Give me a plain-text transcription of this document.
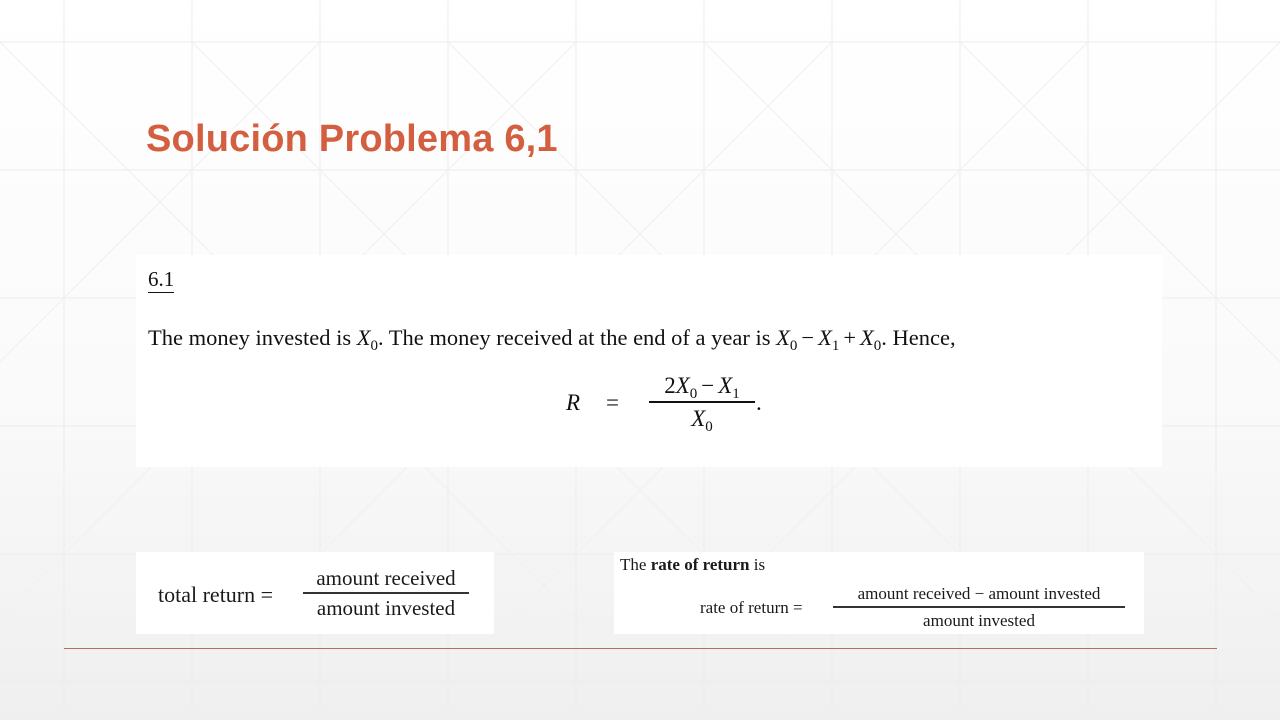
Solución Problema 6,1
6.1
The money invested is $X_0$. The money received at the end of a year is $X_0 - X_1 + X_0$. Hence,
R =
$2X_0 - X_1$
$X_0$
.
total return =
amount received
amount invested
The rate of return is
rate of return =
amount received − amount invested
amount invested
